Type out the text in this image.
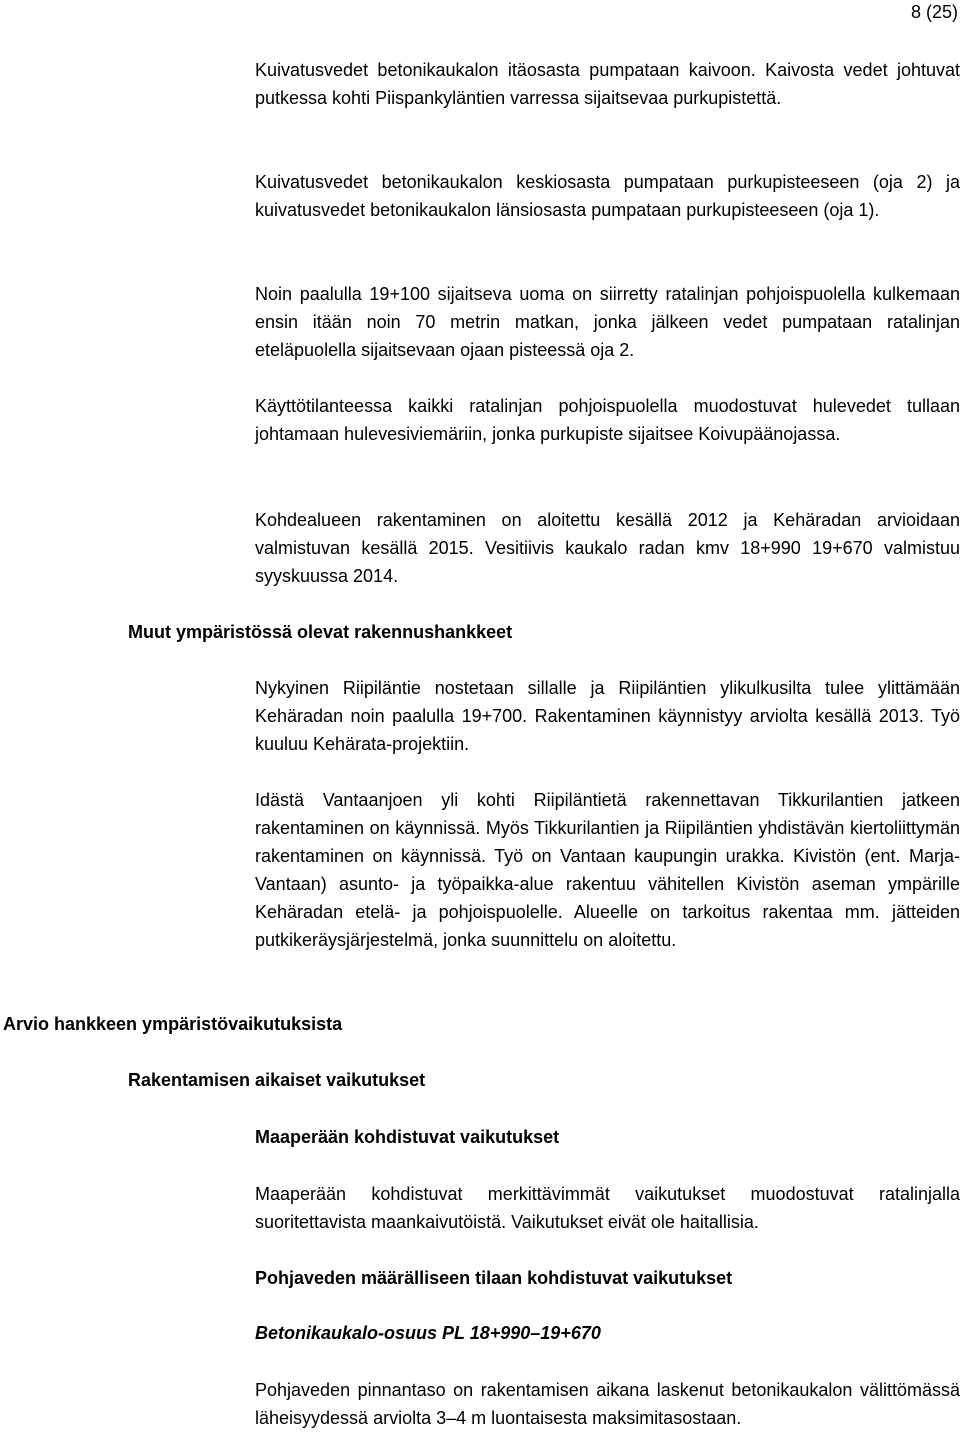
8 (25)

Kuivatusvedet betonikaukalon itäosasta pumpataan kaivoon. Kaivosta vedet johtuvat putkessa kohti Piispankyläntien varressa sijaitsevaa purkupistettä.

Kuivatusvedet betonikaukalon keskiosasta pumpataan purkupisteeseen (oja 2) ja kuivatusvedet betonikaukalon länsiosasta pumpataan purkupisteeseen (oja 1).

Noin paalulla 19+100 sijaitseva uoma on siirretty ratalinjan pohjoispuolella kulkemaan ensin itään noin 70 metrin matkan, jonka jälkeen vedet pumpataan ratalinjan eteläpuolella sijaitsevaan ojaan pisteessä oja 2.

Käyttötilanteessa kaikki ratalinjan pohjoispuolella muodostuvat hulevedet tullaan johtamaan hulevesiviemäriin, jonka purkupiste sijaitsee Koivupäänojassa.

Kohdealueen rakentaminen on aloitettu kesällä 2012 ja Kehäradan arvioidaan valmistuvan kesällä 2015. Vesitiivis kaukalo radan kmv 18+990 19+670 valmistuu syyskuussa 2014.

Muut ympäristössä olevat rakennushankkeet

Nykyinen Riipiläntie nostetaan sillalle ja Riipiläntien ylikulkusilta tulee ylittämään Kehäradan noin paalulla 19+700. Rakentaminen käynnistyy arviolta kesällä 2013. Työ kuuluu Kehärata-projektiin.

Idästä Vantaanjoen yli kohti Riipiläntietä rakennettavan Tikkurilantien jatkeen rakentaminen on käynnissä. Myös Tikkurilantien ja Riipiläntien yhdistävän kiertoliittymän rakentaminen on käynnissä. Työ on Vantaan kaupungin urakka. Kivistön (ent. Marja-Vantaan) asunto- ja työpaikka-alue rakentuu vähitellen Kivistön aseman ympärille Kehäradan etelä- ja pohjoispuolelle. Alueelle on tarkoitus rakentaa mm. jätteiden putkikeräysjärjestelmä, jonka suunnittelu on aloitettu.

Arvio hankkeen ympäristövaikutuksista
Rakentamisen aikaiset vaikutukset
Maaperään kohdistuvat vaikutukset

Maaperään kohdistuvat merkittävimmät vaikutukset muodostuvat ratalinjalla suoritettavista maankaivutöistä. Vaikutukset eivät ole haitallisia.

Pohjaveden määrälliseen tilaan kohdistuvat vaikutukset
Betonikaukalo-osuus PL 18+990–19+670

Pohjaveden pinnantaso on rakentamisen aikana laskenut betonikaukalon välittömässä läheisyydessä arviolta 3–4 m luontaisesta maksimitasostaan.
